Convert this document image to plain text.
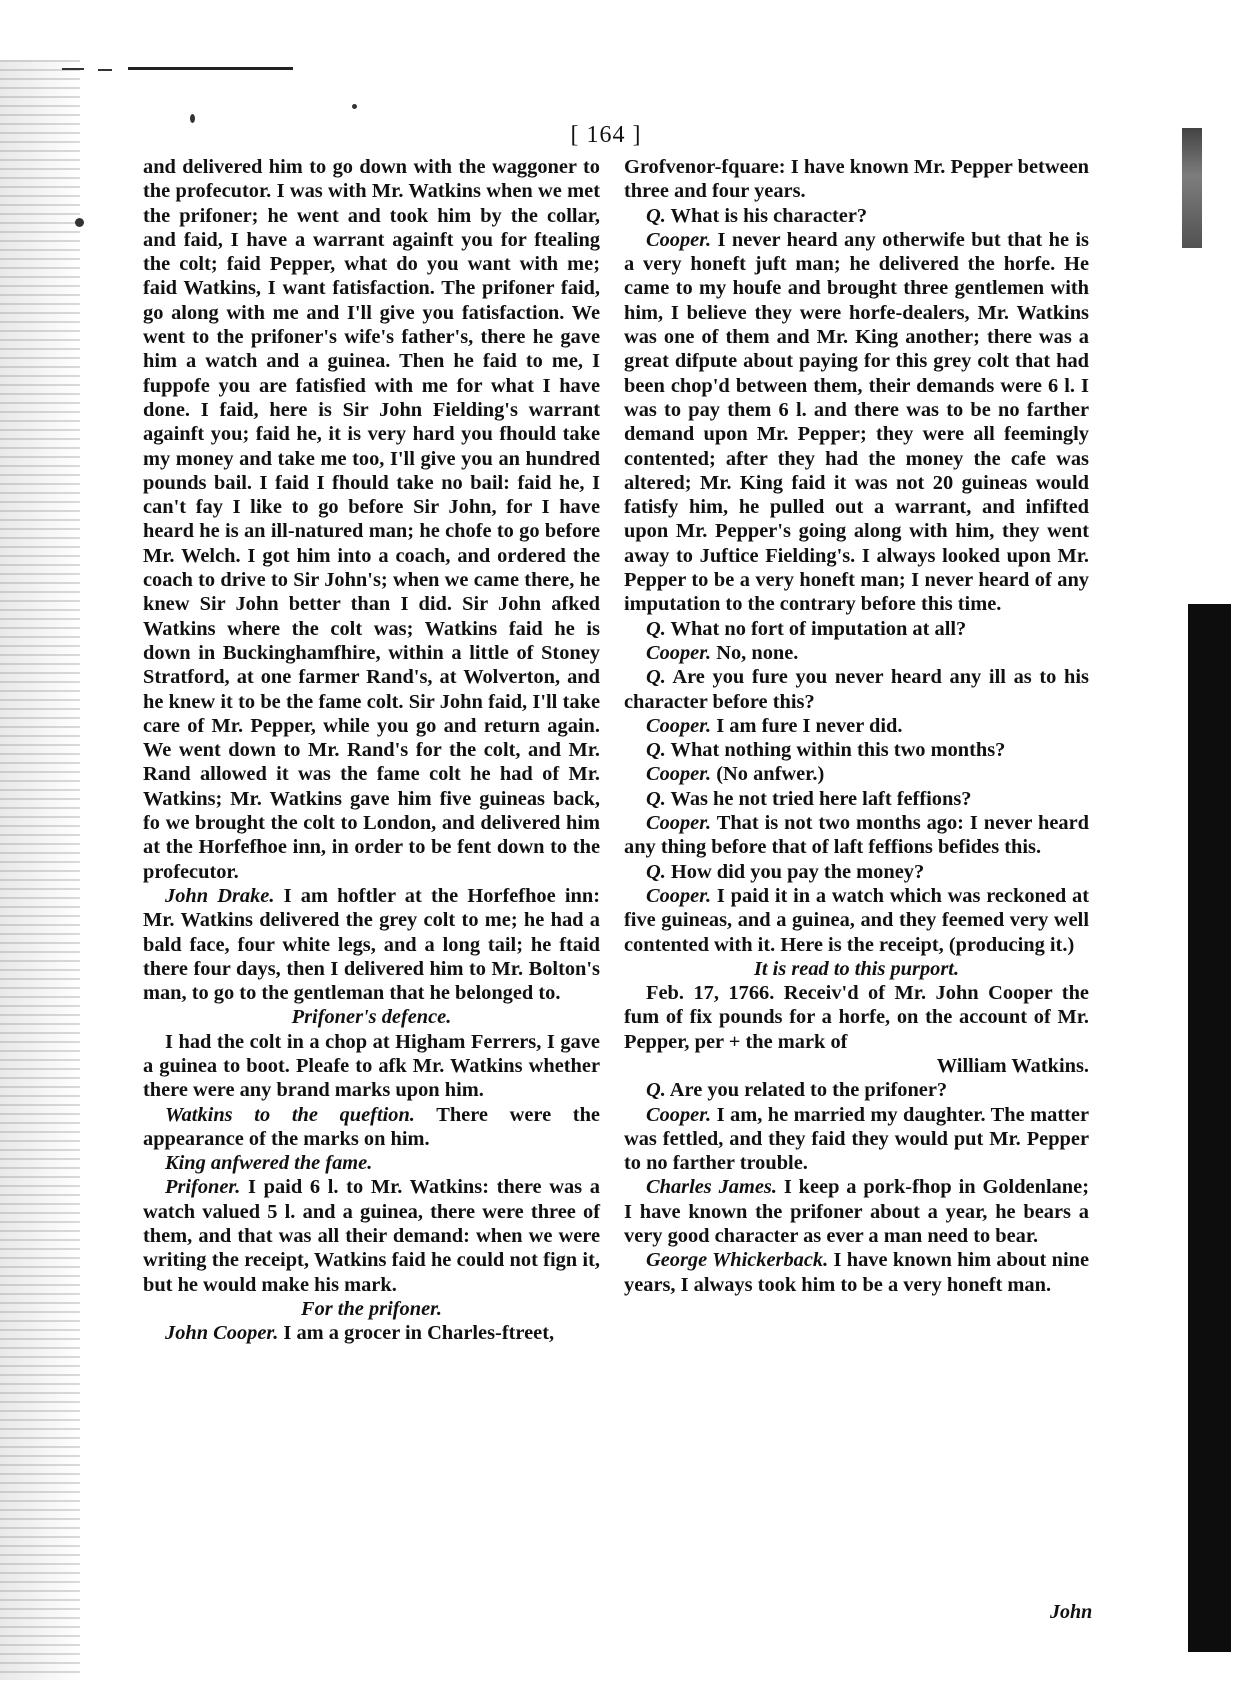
[ 164 ]

and delivered him to go down with the waggoner to the profecutor. I was with Mr. Watkins when we met the prifoner; he went and took him by the collar, and faid, I have a warrant againft you for ftealing the colt; faid Pepper, what do you want with me; faid Watkins, I want fatisfaction. The prifoner faid, go along with me and I'll give you fatisfaction. We went to the prifoner's wife's father's, there he gave him a watch and a guinea. Then he faid to me, I fuppofe you are fatisfied with me for what I have done. I faid, here is Sir John Fielding's warrant againft you; faid he, it is very hard you fhould take my money and take me too, I'll give you an hundred pounds bail. I faid I fhould take no bail: faid he, I can't fay I like to go before Sir John, for I have heard he is an ill-natured man; he chofe to go before Mr. Welch. I got him into a coach, and ordered the coach to drive to Sir John's; when we came there, he knew Sir John better than I did. Sir John afked Watkins where the colt was; Watkins faid he is down in Buckinghamfhire, within a little of Stoney Stratford, at one farmer Rand's, at Wolverton, and he knew it to be the fame colt. Sir John faid, I'll take care of Mr. Pepper, while you go and return again. We went down to Mr. Rand's for the colt, and Mr. Rand allowed it was the fame colt he had of Mr. Watkins; Mr. Watkins gave him five guineas back, fo we brought the colt to London, and delivered him at the Horfefhoe inn, in order to be fent down to the profecutor.

John Drake. I am hoftler at the Horfefhoe inn: Mr. Watkins delivered the grey colt to me; he had a bald face, four white legs, and a long tail; he ftaid there four days, then I delivered him to Mr. Bolton's man, to go to the gentleman that he belonged to.

Prifoner's defence.

I had the colt in a chop at Higham Ferrers, I gave a guinea to boot. Pleafe to afk Mr. Watkins whether there were any brand marks upon him.

Watkins to the queftion. There were the appearance of the marks on him.

King anfwered the fame.

Prifoner. I paid 6 l. to Mr. Watkins: there was a watch valued 5 l. and a guinea, there were three of them, and that was all their demand: when we were writing the receipt, Watkins faid he could not fign it, but he would make his mark.

For the prifoner.

John Cooper. I am a grocer in Charles-ftreet,

Grofvenor-fquare: I have known Mr. Pepper between three and four years.

Q. What is his character?

Cooper. I never heard any otherwife but that he is a very honeft juft man; he delivered the horfe. He came to my houfe and brought three gentlemen with him, I believe they were horfe-dealers, Mr. Watkins was one of them and Mr. King another; there was a great difpute about paying for this grey colt that had been chop'd between them, their demands were 6 l. I was to pay them 6 l. and there was to be no farther demand upon Mr. Pepper; they were all feemingly contented; after they had the money the cafe was altered; Mr. King faid it was not 20 guineas would fatisfy him, he pulled out a warrant, and infifted upon Mr. Pepper's going along with him, they went away to Juftice Fielding's. I always looked upon Mr. Pepper to be a very honeft man; I never heard of any imputation to the contrary before this time.

Q. What no fort of imputation at all?

Cooper. No, none.

Q. Are you fure you never heard any ill as to his character before this?

Cooper. I am fure I never did.

Q. What nothing within this two months?

Cooper. (No anfwer.)

Q. Was he not tried here laft feffions?

Cooper. That is not two months ago: I never heard any thing before that of laft feffions befides this.

Q. How did you pay the money?

Cooper. I paid it in a watch which was reckoned at five guineas, and a guinea, and they feemed very well contented with it. Here is the receipt, (producing it.)

It is read to this purport.

Feb. 17, 1766. Receiv'd of Mr. John Cooper the fum of fix pounds for a horfe, on the account of Mr. Pepper, per + the mark of

William Watkins.

Q. Are you related to the prifoner?

Cooper. I am, he married my daughter. The matter was fettled, and they faid they would put Mr. Pepper to no farther trouble.

Charles James. I keep a pork-fhop in Goldenlane; I have known the prifoner about a year, he bears a very good character as ever a man need to bear.

George Whickerback. I have known him about nine years, I always took him to be a very honeft man.

John
